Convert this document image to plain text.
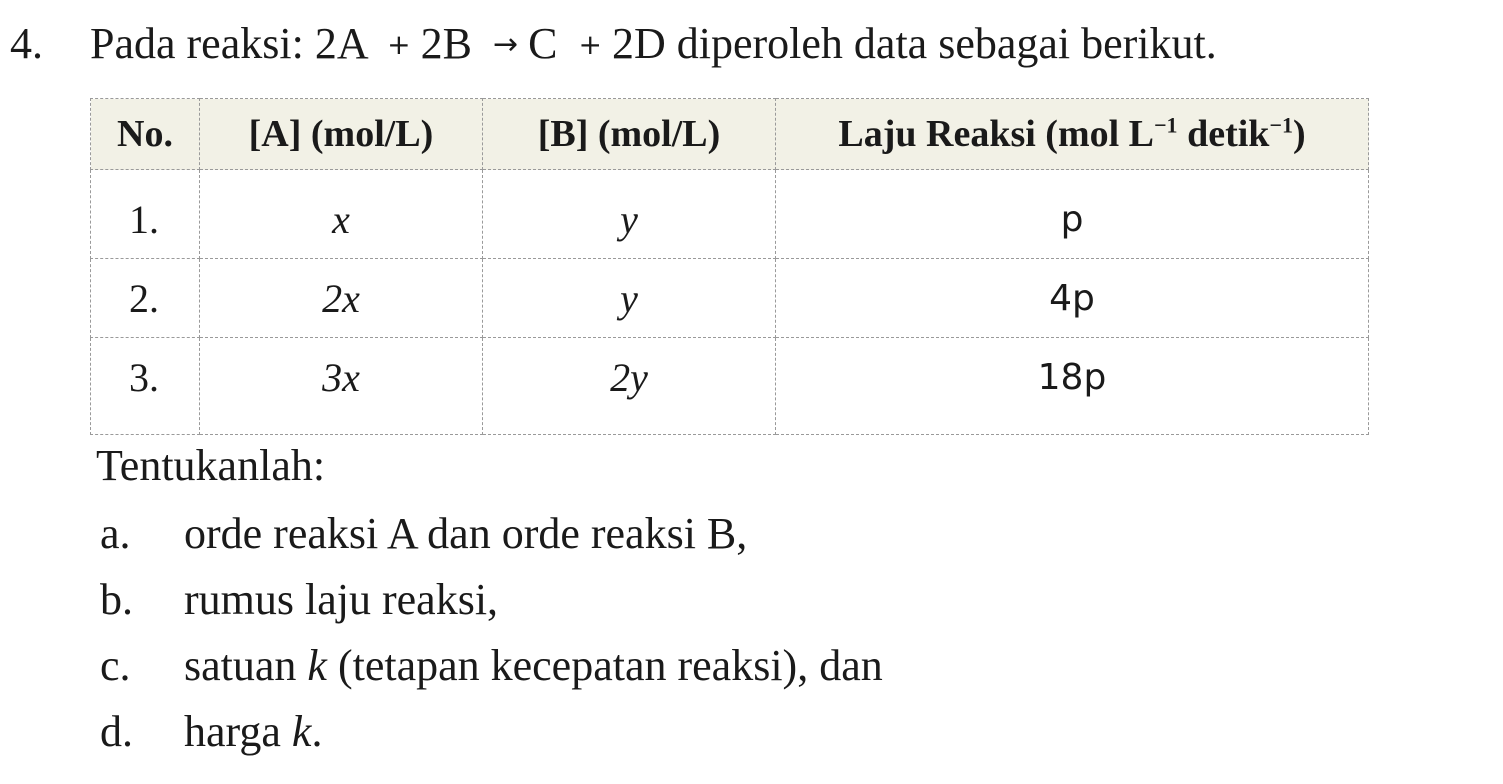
4. Pada reaksi: 2A + 2B → C + 2D diperoleh data sebagai berikut.
No.	[A] (mol/L)	[B] (mol/L)	Laju Reaksi (mol $L^{-1}$ detik$^{-1}$)
1.	x	y	p
2.	2x	y	4p
3.	3x	2y	18p
Tentukanlah:
a. orde reaksi A dan orde reaksi B,
b. rumus laju reaksi,
c. satuan k (tetapan kecepatan reaksi), dan
d. harga k.
